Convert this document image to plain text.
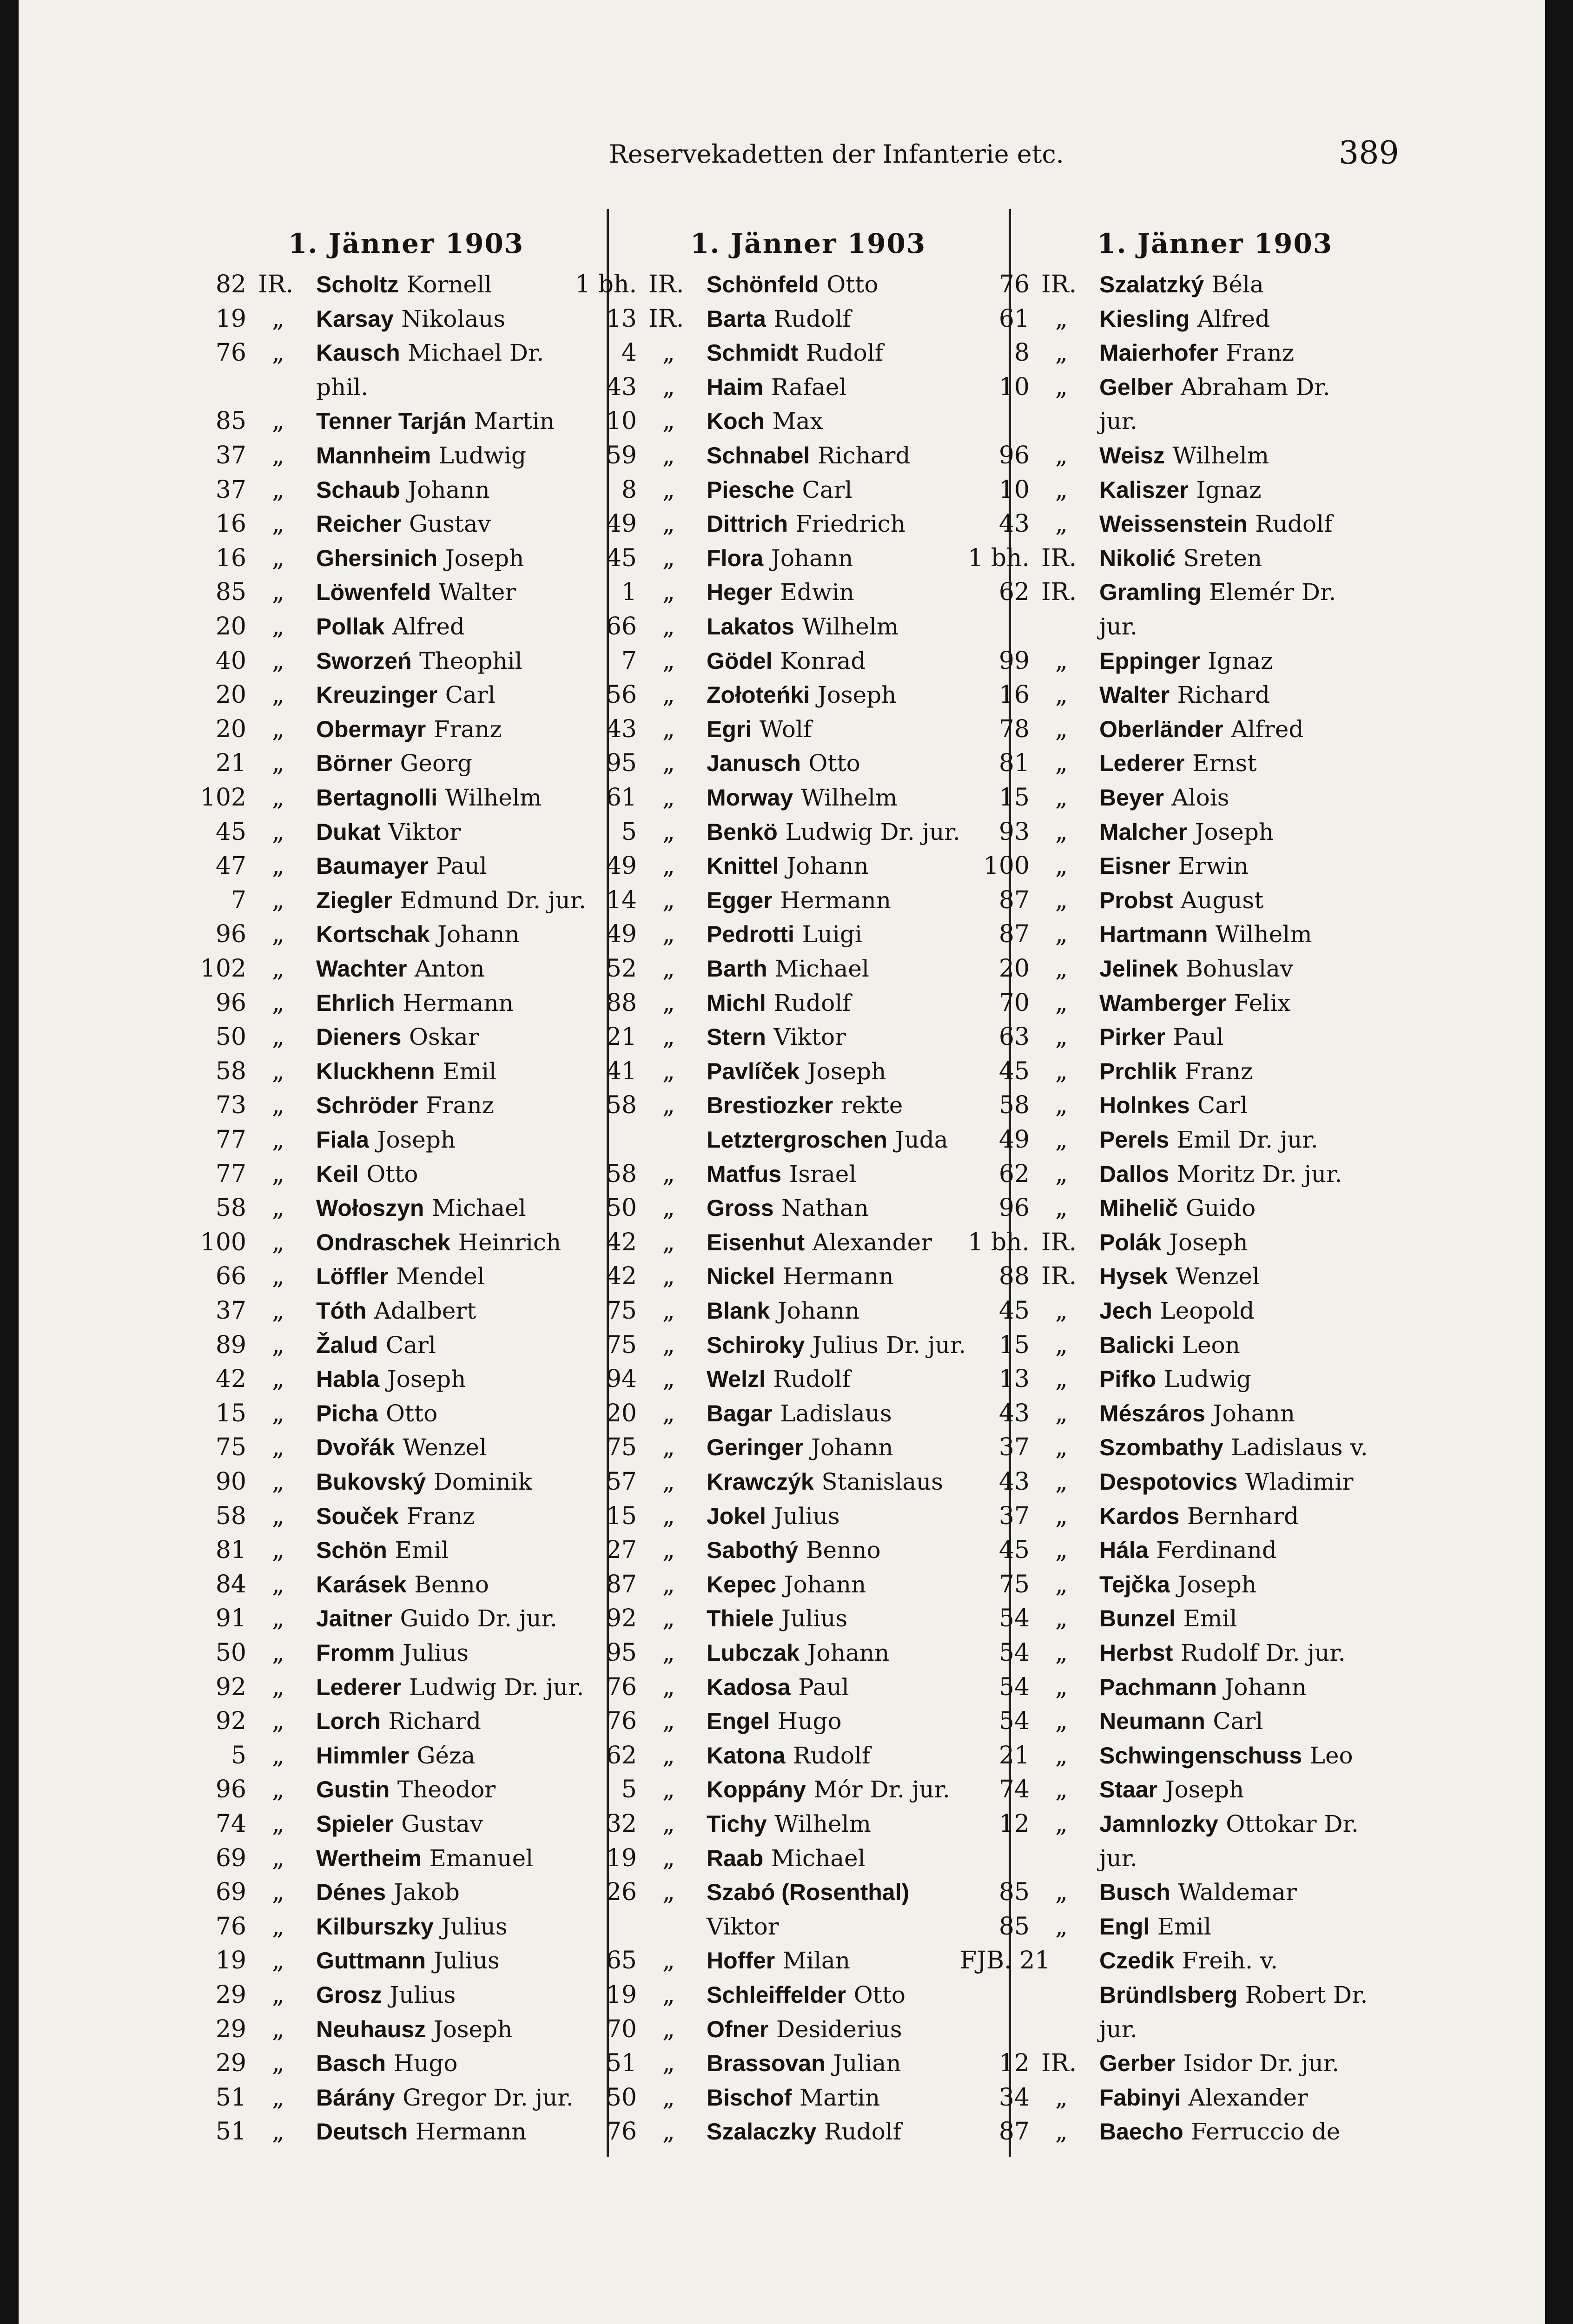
Reservekadetten der Infanterie etc.	389
1. Jänner 1903	1. Jänner 1903	1. Jänner 1903
82 IR. Scholtz Kornell
19 „	Karsay Nikolaus
76 „	Kausch Michael Dr.
phil.
85 „	Tenner Tarján Martin
37 „	Mannheim Ludwig
37 „	Schaub Johann
16 „	Reicher Gustav
16 „	Ghersinich Joseph
85 „	Löwenfeld Walter
20 „	Pollak Alfred
40 „	Sworzeń Theophil
20 „	Kreuzinger Carl
20 „	Obermayr Franz
21 „	Börner Georg
102 „	Bertagnolli Wilhelm
45 „	Dukat Viktor
47 „	Baumayer Paul
7 „	Ziegler Edmund Dr. jur.
96 „	Kortschak Johann
102 „	Wachter Anton
96 „	Ehrlich Hermann
50 „	Dieners Oskar
58 „	Kluckhenn Emil
73 „	Schröder Franz
77 „	Fiala Joseph
77 „	Keil Otto
58 „	Wołoszyn Michael
100 „	Ondraschek Heinrich
66 „	Löffler Mendel
37 „	Tóth Adalbert
89 „	Žalud Carl
42 „	Habla Joseph
15 „	Picha Otto
75 „	Dvořák Wenzel
90 „	Bukovský Dominik
58 „	Souček Franz
81 „	Schön Emil
84 „	Karásek Benno
91 „	Jaitner Guido Dr. jur.
50 „	Fromm Julius
92 „	Lederer Ludwig Dr. jur.
92 „	Lorch Richard
5 „	Himmler Géza
96 „	Gustin Theodor
74 „	Spieler Gustav
69 „	Wertheim Emanuel
69 „	Dénes Jakob
76 „	Kilburszky Julius
19 „	Guttmann Julius
29 „	Grosz Julius
29 „	Neuhausz Joseph
29 „	Basch Hugo
51 „	Bárány Gregor Dr. jur.
51 „	Deutsch Hermann
1 bh. IR. Schönfeld Otto
13 IR. Barta Rudolf
4 „	Schmidt Rudolf
43 „	Haim Rafael
10 „	Koch Max
59 „	Schnabel Richard
8 „	Piesche Carl
49 „	Dittrich Friedrich
45 „	Flora Johann
1 „	Heger Edwin
66 „	Lakatos Wilhelm
7 „	Gödel Konrad
56 „	Zołoteńki Joseph
43 „	Egri Wolf
95 „	Janusch Otto
61 „	Morway Wilhelm
5 „	Benkö Ludwig Dr. jur.
49 „	Knittel Johann
14 „	Egger Hermann
49 „	Pedrotti Luigi
52 „	Barth Michael
88 „	Michl Rudolf
21 „	Stern Viktor
41 „	Pavlíček Joseph
58 „	Brestiozker rekte
Letztergroschen Juda
58 „	Matfus Israel
50 „	Gross Nathan
42 „	Eisenhut Alexander
42 „	Nickel Hermann
75 „	Blank Johann
75 „	Schiroky Julius Dr. jur.
94 „	Welzl Rudolf
20 „	Bagar Ladislaus
75 „	Geringer Johann
57 „	Krawczýk Stanislaus
15 „	Jokel Julius
27 „	Sabothý Benno
87 „	Kepec Johann
92 „	Thiele Julius
95 „	Lubczak Johann
76 „	Kadosa Paul
76 „	Engel Hugo
62 „	Katona Rudolf
5 „	Koppány Mór Dr. jur.
32 „	Tichy Wilhelm
19 „	Raab Michael
26 „	Szabó (Rosenthal)
Viktor
65 „	Hoffer Milan
19 „	Schleiffelder Otto
70 „	Ofner Desiderius
51 „	Brassovan Julian
50 „	Bischof Martin
76 „	Szalaczky Rudolf
76 IR. Szalatzký Béla
61 „	Kiesling Alfred
8 „	Maierhofer Franz
10 „	Gelber Abraham Dr.
jur.
96 „	Weisz Wilhelm
10 „	Kaliszer Ignaz
43 „	Weissenstein Rudolf
1 bh. IR. Nikolić Sreten
62 IR. Gramling Elemér Dr.
jur.
99 „	Eppinger Ignaz
16 „	Walter Richard
78 „	Oberländer Alfred
81 „	Lederer Ernst
15 „	Beyer Alois
93 „	Malcher Joseph
100 „	Eisner Erwin
87 „	Probst August
87 „	Hartmann Wilhelm
20 „	Jelinek Bohuslav
70 „	Wamberger Felix
63 „	Pirker Paul
45 „	Prchlik Franz
58 „	Holnkes Carl
49 „	Perels Emil Dr. jur.
62 „	Dallos Moritz Dr. jur.
96 „	Mihelič Guido
1 bh. IR. Polák Joseph
88 IR. Hysek Wenzel
45 „	Jech Leopold
15 „	Balicki Leon
13 „	Pifko Ludwig
43 „	Mészáros Johann
37 „	Szombathy Ladislaus v.
43 „	Despotovics Wladimir
37 „	Kardos Bernhard
45 „	Hála Ferdinand
75 „	Tejčka Joseph
54 „	Bunzel Emil
54 „	Herbst Rudolf Dr. jur.
54 „	Pachmann Johann
54 „	Neumann Carl
21 „	Schwingenschuss Leo
74 „	Staar Joseph
12 „	Jamnlozky Ottokar Dr.
jur.
85 „	Busch Waldemar
85 „	Engl Emil
FJB. 21 Czedik Freih. v.
Bründlsberg Robert Dr.
jur.
12 IR. Gerber Isidor Dr. jur.
34 „	Fabinyi Alexander
87 „	Baecho Ferruccio de
